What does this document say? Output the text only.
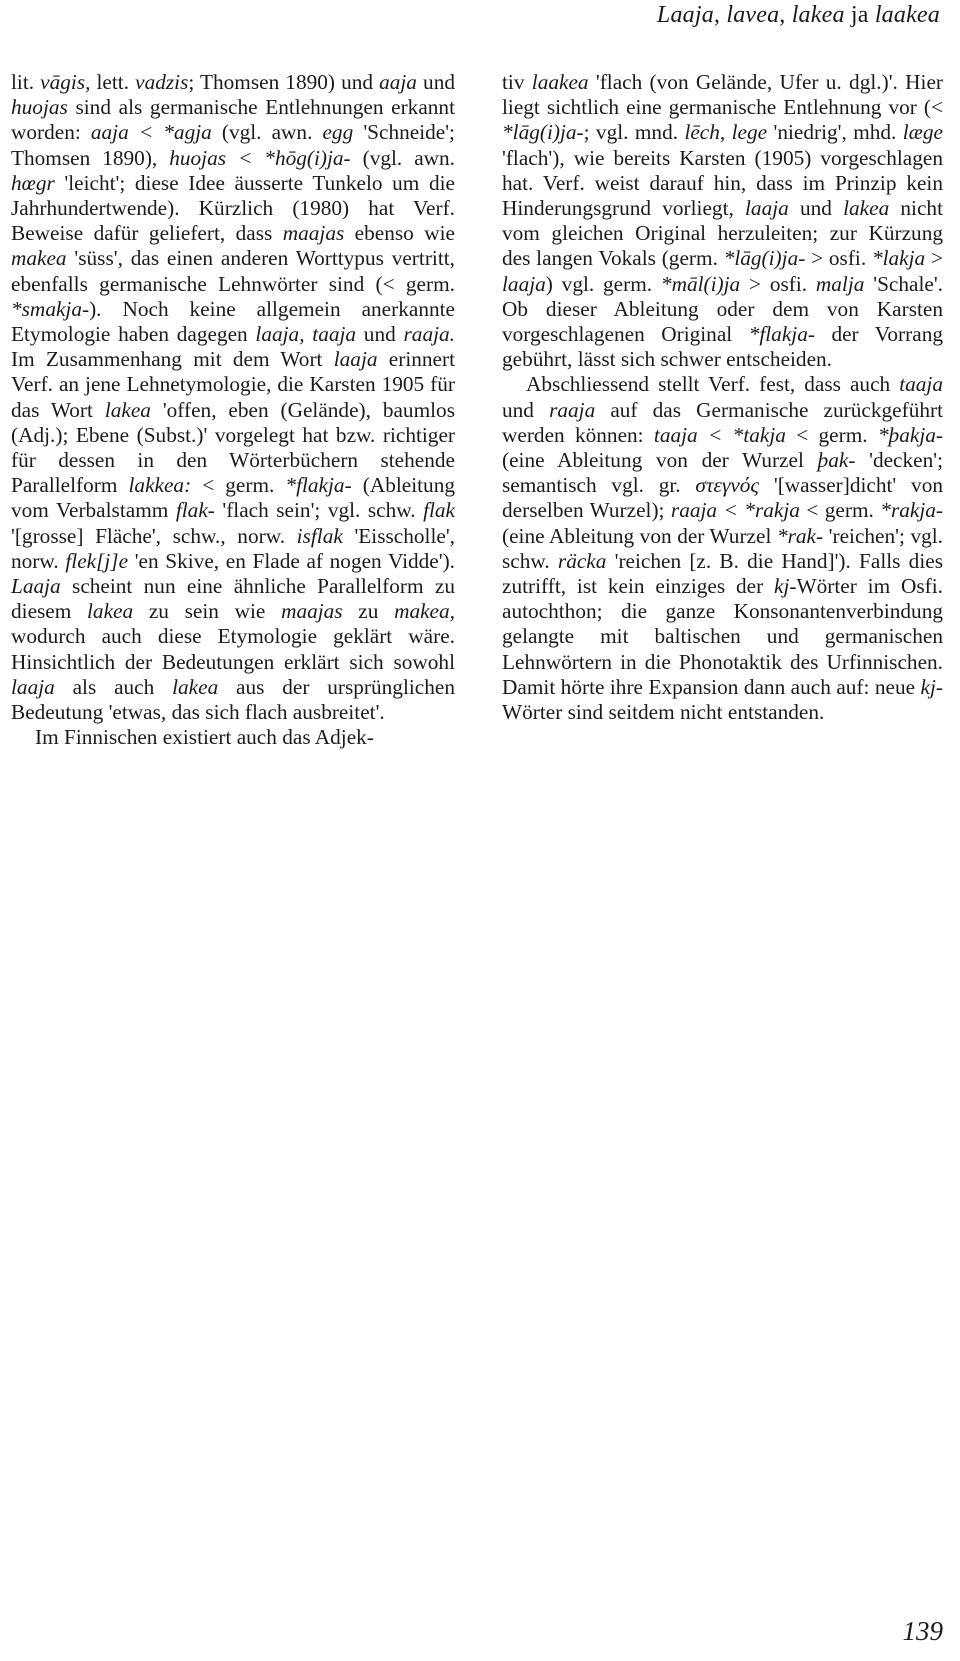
Laaja, lavea, lakea ja laakea

lit. vāgis, lett. vadzis; Thomsen 1890) und aaja und huojas sind als germanische Entlehnungen erkannt worden: aaja < *agja (vgl. awn. egg 'Schneide'; Thomsen 1890), huojas < *hōg(i)ja- (vgl. awn. hœgr 'leicht'; diese Idee äusserte Tunkelo um die Jahrhundertwende). Kürzlich (1980) hat Verf. Beweise dafür geliefert, dass maajas ebenso wie makea 'süss', das einen anderen Worttypus vertritt, ebenfalls germanische Lehnwörter sind (< germ. *smakja-). Noch keine allgemein anerkannte Etymologie haben dagegen laaja, taaja und raaja. Im Zusammenhang mit dem Wort laaja erinnert Verf. an jene Lehnetymologie, die Karsten 1905 für das Wort lakea 'offen, eben (Gelände), baumlos (Adj.); Ebene (Subst.)' vorgelegt hat bzw. richtiger für dessen in den Wörterbüchern stehende Parallelform lakkea: < germ. *flakja- (Ableitung vom Verbalstamm flak- 'flach sein'; vgl. schw. flak '[grosse] Fläche', schw., norw. isflak 'Eisscholle', norw. flek[j]e 'en Skive, en Flade af nogen Vidde'). Laaja scheint nun eine ähnliche Parallelform zu diesem lakea zu sein wie maajas zu makea, wodurch auch diese Etymologie geklärt wäre. Hinsichtlich der Bedeutungen erklärt sich sowohl laaja als auch lakea aus der ursprünglichen Bedeutung 'etwas, das sich flach ausbreitet'.

Im Finnischen existiert auch das Adjek-

tiv laakea 'flach (von Gelände, Ufer u. dgl.)'. Hier liegt sichtlich eine germanische Entlehnung vor (< *lāg(i)ja-; vgl. mnd. lēch, lege 'niedrig', mhd. læge 'flach'), wie bereits Karsten (1905) vorgeschlagen hat. Verf. weist darauf hin, dass im Prinzip kein Hinderungsgrund vorliegt, laaja und lakea nicht vom gleichen Original herzuleiten; zur Kürzung des langen Vokals (germ. *lāg(i)ja- > osfi. *lakja > laaja) vgl. germ. *māl(i)ja > osfi. malja 'Schale'. Ob dieser Ableitung oder dem von Karsten vorgeschlagenen Original *flakja- der Vorrang gebührt, lässt sich schwer entscheiden.

Abschliessend stellt Verf. fest, dass auch taaja und raaja auf das Germanische zurückgeführt werden können: taaja < *takja < germ. *þakja- (eine Ableitung von der Wurzel þak- 'decken'; semantisch vgl. gr. στεγνός '[wasser]dicht' von derselben Wurzel); raaja < *rakja < germ. *rakja- (eine Ableitung von der Wurzel *rak- 'reichen'; vgl. schw. räcka 'reichen [z. B. die Hand]'). Falls dies zutrifft, ist kein einziges der kj-Wörter im Osfi. autochthon; die ganze Konsonantenverbindung gelangte mit baltischen und germanischen Lehnwörtern in die Phonotaktik des Urfinnischen. Damit hörte ihre Expansion dann auch auf: neue kj-Wörter sind seitdem nicht entstanden.

139
